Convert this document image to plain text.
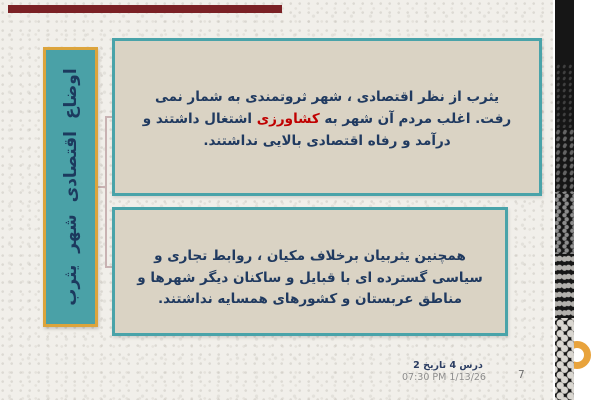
اوضاع اقتصادی شهر یثرب	یثرب از نظر اقتصادی ، شهر ثروتمندی به شمار نمی رفت. اغلب مردم آن شهر به کشاورزی اشتغال داشتند و درآمد و رفاه اقتصادی بالایی نداشتند.
همچنین یثربیان برخلاف مکیان ، روابط تجاری و سیاسی گسترده ای با قبایل و ساکنان دیگر شهرها و مناطق عربستان و کشورهای همسایه نداشتند.
درس 4 تاریخ 2
07:30 PM 1/13/26	7
